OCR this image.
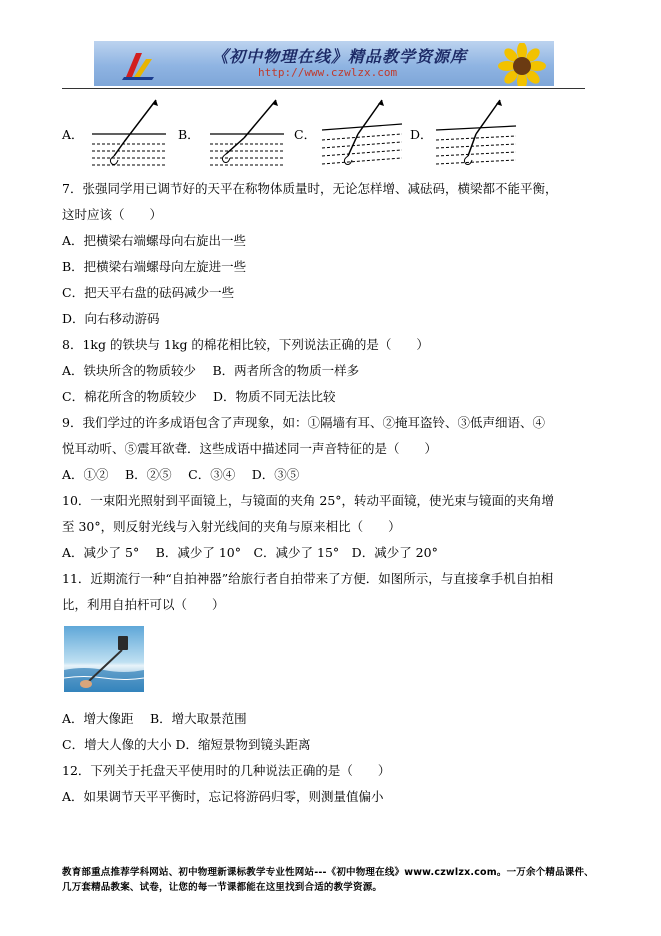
《初中物理在线》精品教学资源库
http://www.czwlzx.com
A．	B．	C．	D．
7．张强同学用已调节好的天平在称物体质量时，无论怎样增、减砝码，横梁都不能平衡，
这时应该（　　）
A．把横梁右端螺母向右旋出一些
B．把横梁右端螺母向左旋进一些
C．把天平右盘的砝码减少一些
D．向右移动游码
8．1kg 的铁块与 1kg 的棉花相比较，下列说法正确的是（　　）
A．铁块所含的物质较少　 B．两者所含的物质一样多
C．棉花所含的物质较少　 D．物质不同无法比较
9．我们学过的许多成语包含了声现象，如：①隔墙有耳、②掩耳盗铃、③低声细语、④
悦耳动听、⑤震耳欲聋．这些成语中描述同一声音特征的是（　　）
A．①②　 B．②⑤　 C．③④　 D．③⑤
10．一束阳光照射到平面镜上，与镜面的夹角 25°，转动平面镜，使光束与镜面的夹角增
至 30°，则反射光线与入射光线间的夹角与原来相比（　　）
A．减少了 5°　 B．减少了 10°　C．减少了 15°　D．减少了 20°
11．近期流行一种“自拍神器”给旅行者自拍带来了方便．如图所示，与直接拿手机自拍相
比，利用自拍杆可以（　　）
A．增大像距　 B．增大取景范围
C．增大人像的大小 D．缩短景物到镜头距离
12．下列关于托盘天平使用时的几种说法正确的是（　　）
A．如果调节天平平衡时，忘记将游码归零，则测量值偏小
教育部重点推荐学科网站、初中物理新课标教学专业性网站---《初中物理在线》www.czwlzx.com。一万余个精品课件、
几万套精品教案、试卷，让您的每一节课都能在这里找到合适的教学资源。
